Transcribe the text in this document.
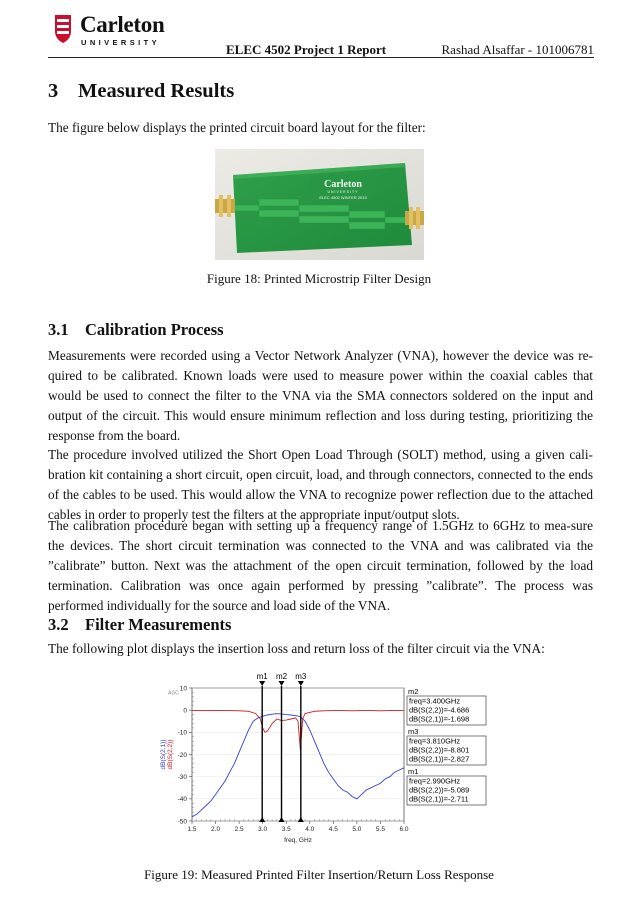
Carleton
UNIVERSITY	ELEC 4502 Project 1 Report	Rashad Alsaffar - 101006781
3 Measured Results

The figure below displays the printed circuit board layout for the filter:

Carleton
UNIVERSITY
ELEC 4502 WINTER 2019
Figure 18: Printed Microstrip Filter Design
3.1 Calibration Process

Measurements were recorded using a Vector Network Analyzer (VNA), however the device was re-quired to be calibrated. Known loads were used to measure power within the coaxial cables that would be used to connect the filter to the VNA via the SMA connectors soldered on the input and output of the circuit. This would ensure minimum reflection and loss during testing, prioritizing the response from the board.

The procedure involved utilized the Short Open Load Through (SOLT) method, using a given cali-bration kit containing a short circuit, open circuit, load, and through connectors, connected to the ends of the cables to be used. This would allow the VNA to recognize power reflection due to the attached cables in order to properly test the filters at the appropriate input/output slots.

The calibration procedure began with setting up a frequency range of 1.5GHz to 6GHz to mea-sure the devices. The short circuit termination was connected to the VNA and was calibrated via the ”calibrate” button. Next was the attachment of the open circuit termination, followed by the load termination. Calibration was once again performed by pressing ”calibrate”. The process was performed individually for the source and load side of the VNA.

3.2 Filter Measurements

The following plot displays the insertion loss and return loss of the filter circuit via the VNA:

10
0
-10
-20
-30
-40
-50
1.5 2.0 2.5 3.0 3.5 4.0 4.5 5.0 5.5 6.0
freq, GHz
AGC
dB(S(2,1)) dB(S(2,2))
m1 m2 m3
m2
freq=3.400GHz
dB(S(2,2))=-4.686
dB(S(2,1))=-1.698
m3
freq=3.810GHz
dB(S(2,2))=-8.801
dB(S(2,1))=-2.827
m1
freq=2.990GHz
dB(S(2,2))=-5.089
dB(S(2,1))=-2.711
Figure 19: Measured Printed Filter Insertion/Return Loss Response
